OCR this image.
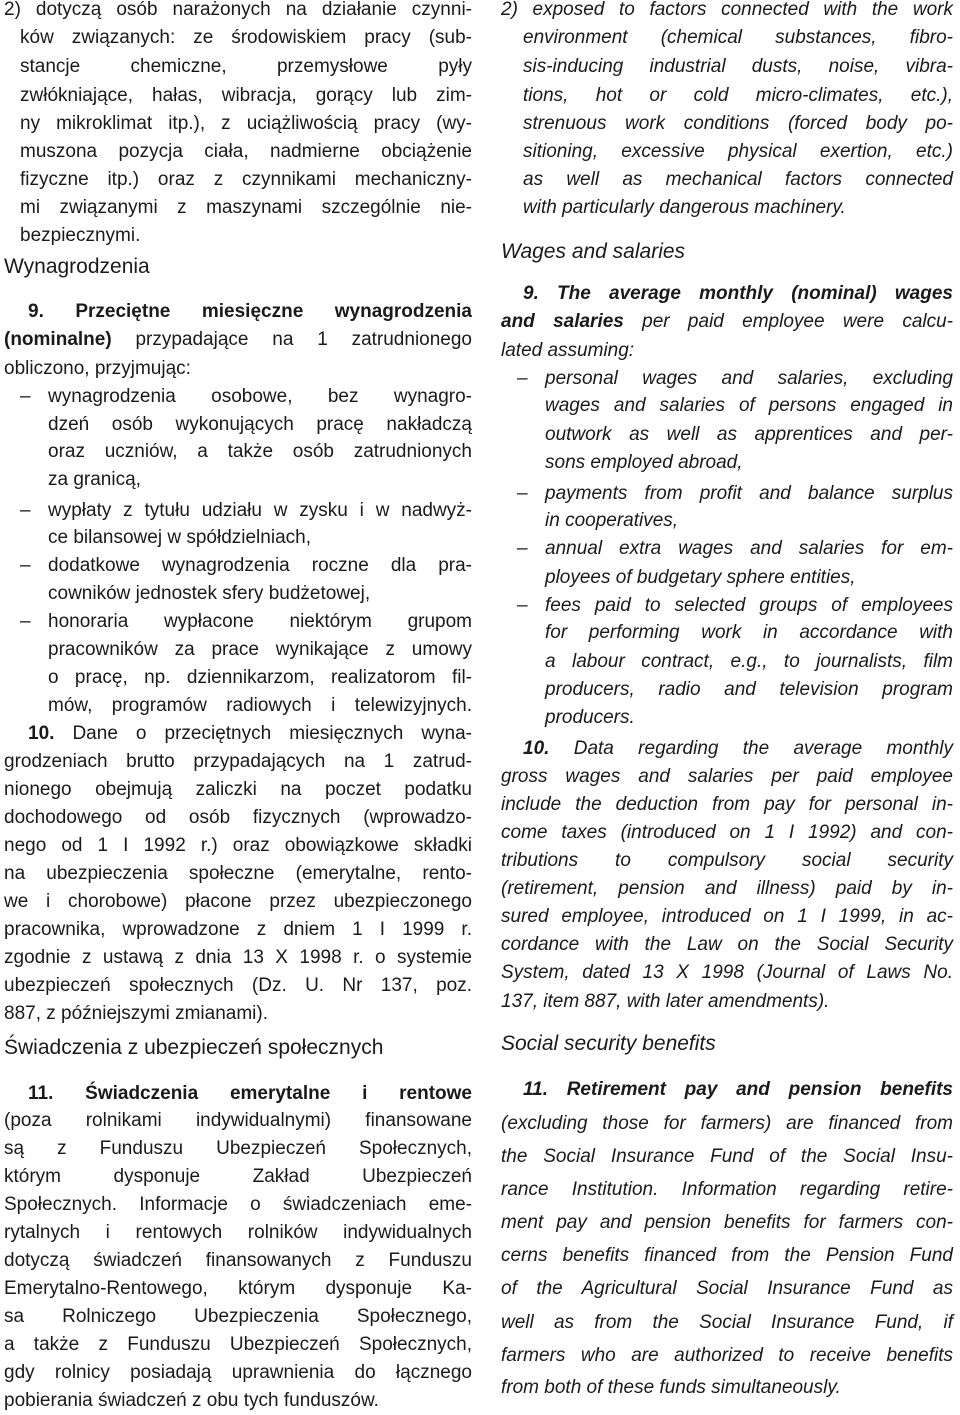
2) dotyczą osób narażonych na działanie czynni-
ków związanych: ze środowiskiem pracy (sub-
stancje chemiczne, przemysłowe pyły
zwłókniające, hałas, wibracja, gorący lub zim-
ny mikroklimat itp.), z uciążliwością pracy (wy-
muszona pozycja ciała, nadmierne obciążenie
fizyczne itp.) oraz z czynnikami mechaniczny-
mi związanymi z maszynami szczególnie nie-
bezpiecznymi.
Wynagrodzenia
9. Przeciętne miesięczne wynagrodzenia
(nominalne) przypadające na 1 zatrudnionego
obliczono, przyjmując:
– wynagrodzenia osobowe, bez wynagro-
dzeń osób wykonujących pracę nakładczą
oraz uczniów, a także osób zatrudnionych
za granicą,
– wypłaty z tytułu udziału w zysku i w nadwyż-
ce bilansowej w spółdzielniach,
– dodatkowe wynagrodzenia roczne dla pra-
cowników jednostek sfery budżetowej,
– honoraria wypłacone niektórym grupom
pracowników za prace wynikające z umowy
o pracę, np. dziennikarzom, realizatorom fil-
mów, programów radiowych i telewizyjnych.
10. Dane o przeciętnych miesięcznych wyna-
grodzeniach brutto przypadających na 1 zatrud-
nionego obejmują zaliczki na poczet podatku
dochodowego od osób fizycznych (wprowadzo-
nego od 1 I 1992 r.) oraz obowiązkowe składki
na ubezpieczenia społeczne (emerytalne, rento-
we i chorobowe) płacone przez ubezpieczonego
pracownika, wprowadzone z dniem 1 I 1999 r.
zgodnie z ustawą z dnia 13 X 1998 r. o systemie
ubezpieczeń społecznych (Dz. U. Nr 137, poz.
887, z późniejszymi zmianami).
Świadczenia z ubezpieczeń społecznych
11. Świadczenia emerytalne i rentowe
(poza rolnikami indywidualnymi) finansowane
są z Funduszu Ubezpieczeń Społecznych,
którym dysponuje Zakład Ubezpieczeń
Społecznych. Informacje o świadczeniach eme-
rytalnych i rentowych rolników indywidualnych
dotyczą świadczeń finansowanych z Funduszu
Emerytalno-Rentowego, którym dysponuje Ka-
sa Rolniczego Ubezpieczenia Społecznego,
a także z Funduszu Ubezpieczeń Społecznych,
gdy rolnicy posiadają uprawnienia do łącznego
pobierania świadczeń z obu tych funduszów.
2) exposed to factors connected with the work
environment (chemical substances, fibro-
sis-inducing industrial dusts, noise, vibra-
tions, hot or cold micro-climates, etc.),
strenuous work conditions (forced body po-
sitioning, excessive physical exertion, etc.)
as well as mechanical factors connected
with particularly dangerous machinery.
Wages and salaries
9. The average monthly (nominal) wages
and salaries per paid employee were calcu-
lated assuming:
– personal wages and salaries, excluding
wages and salaries of persons engaged in
outwork as well as apprentices and per-
sons employed abroad,
– payments from profit and balance surplus
in cooperatives,
– annual extra wages and salaries for em-
ployees of budgetary sphere entities,
– fees paid to selected groups of employees
for performing work in accordance with
a labour contract, e.g., to journalists, film
producers, radio and television program
producers.
10. Data regarding the average monthly
gross wages and salaries per paid employee
include the deduction from pay for personal in-
come taxes (introduced on 1 I 1992) and con-
tributions to compulsory social security
(retirement, pension and illness) paid by in-
sured employee, introduced on 1 I 1999, in ac-
cordance with the Law on the Social Security
System, dated 13 X 1998 (Journal of Laws No.
137, item 887, with later amendments).
Social security benefits
11. Retirement pay and pension benefits
(excluding those for farmers) are financed from
the Social Insurance Fund of the Social Insu-
rance Institution. Information regarding retire-
ment pay and pension benefits for farmers con-
cerns benefits financed from the Pension Fund
of the Agricultural Social Insurance Fund as
well as from the Social Insurance Fund, if
farmers who are authorized to receive benefits
from both of these funds simultaneously.
